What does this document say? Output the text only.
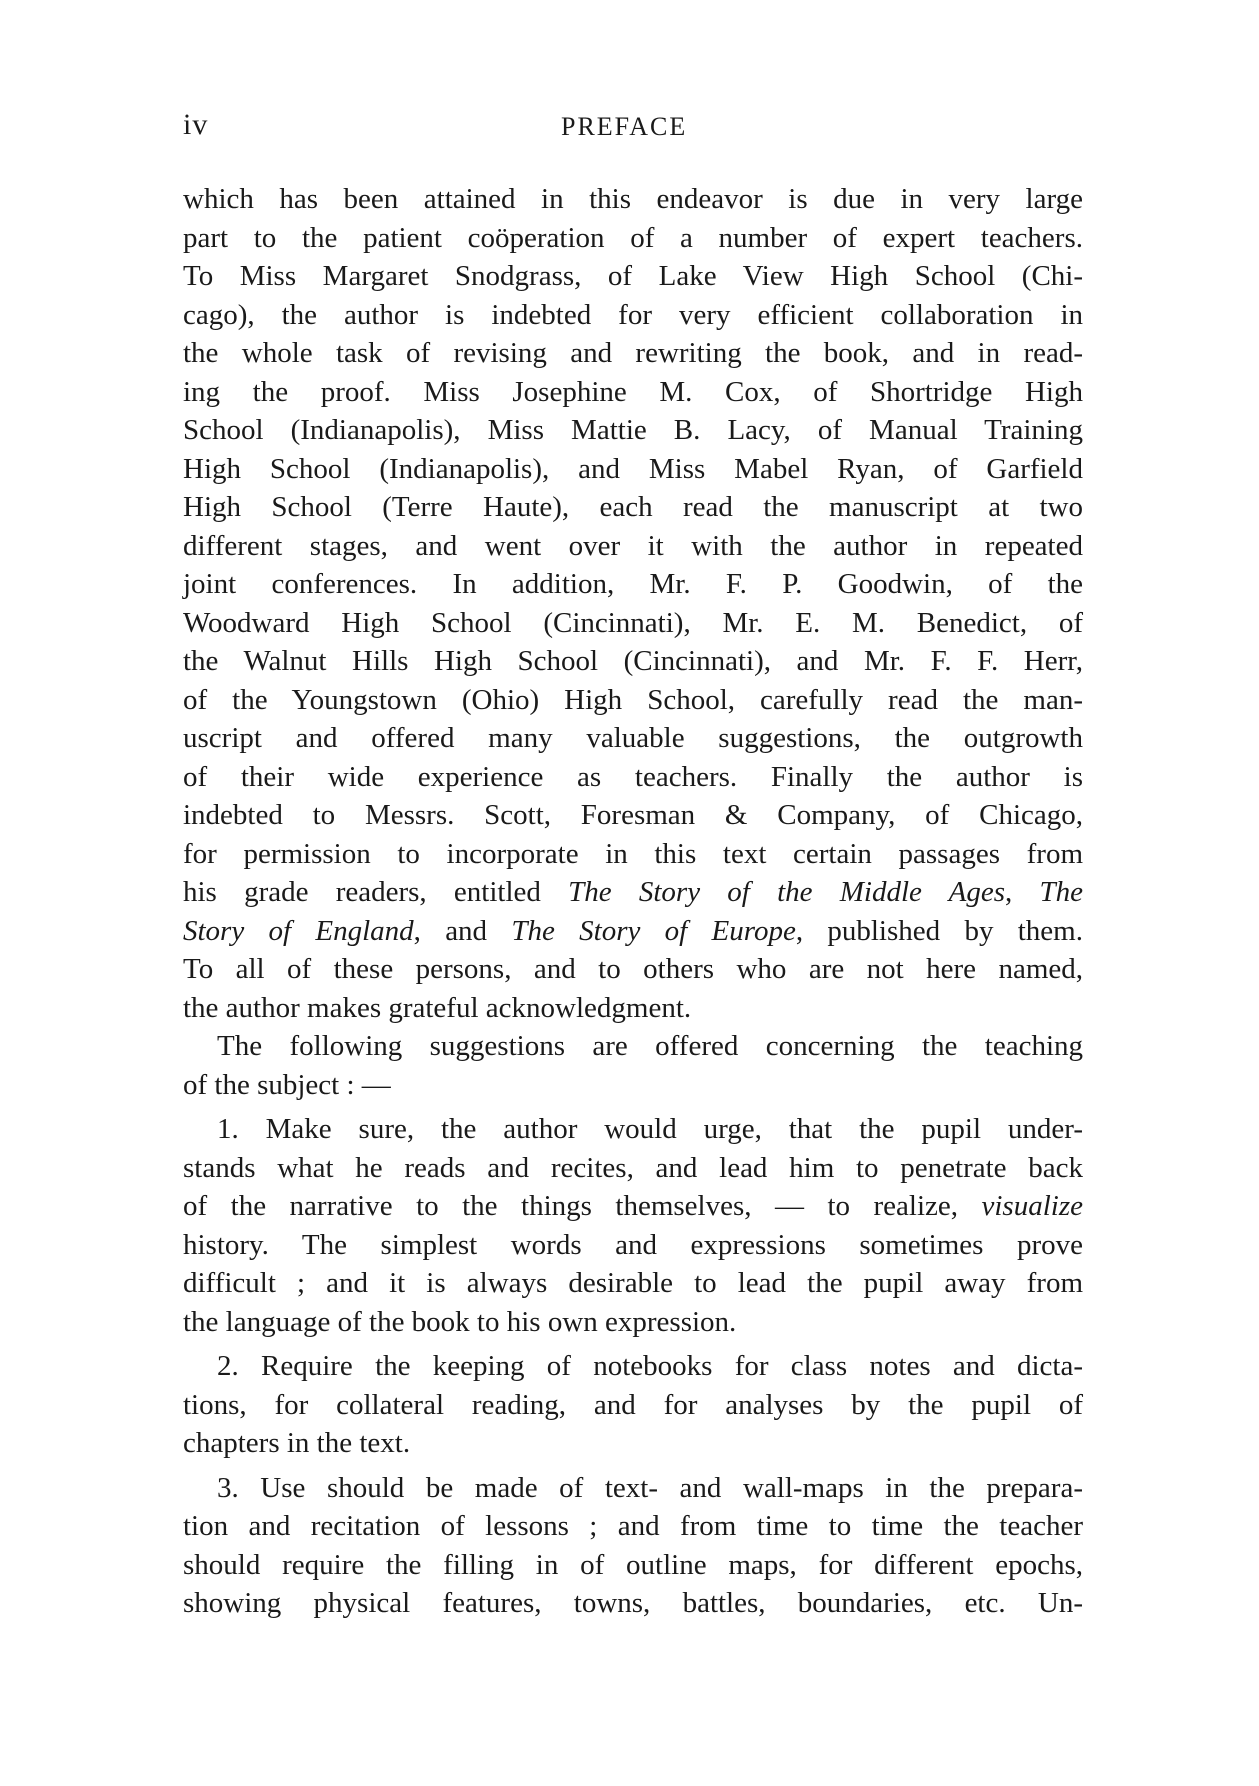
iv	PREFACE
which has been attained in this endeavor is due in very large
part to the patient coöperation of a number of expert teachers.
To Miss Margaret Snodgrass, of Lake View High School (Chi-
cago), the author is indebted for very efficient collaboration in
the whole task of revising and rewriting the book, and in read-
ing the proof. Miss Josephine M. Cox, of Shortridge High
School (Indianapolis), Miss Mattie B. Lacy, of Manual Training
High School (Indianapolis), and Miss Mabel Ryan, of Garfield
High School (Terre Haute), each read the manuscript at two
different stages, and went over it with the author in repeated
joint conferences. In addition, Mr. F. P. Goodwin, of the
Woodward High School (Cincinnati), Mr. E. M. Benedict, of
the Walnut Hills High School (Cincinnati), and Mr. F. F. Herr,
of the Youngstown (Ohio) High School, carefully read the man-
uscript and offered many valuable suggestions, the outgrowth
of their wide experience as teachers. Finally the author is
indebted to Messrs. Scott, Foresman & Company, of Chicago,
for permission to incorporate in this text certain passages from
his grade readers, entitled The Story of the Middle Ages, The
Story of England, and The Story of Europe, published by them.
To all of these persons, and to others who are not here named,
the author makes grateful acknowledgment.
The following suggestions are offered concerning the teaching
of the subject : —
1. Make sure, the author would urge, that the pupil under-
stands what he reads and recites, and lead him to penetrate back
of the narrative to the things themselves, — to realize, visualize
history. The simplest words and expressions sometimes prove
difficult ; and it is always desirable to lead the pupil away from
the language of the book to his own expression.
2. Require the keeping of notebooks for class notes and dicta-
tions, for collateral reading, and for analyses by the pupil of
chapters in the text.
3. Use should be made of text- and wall-maps in the prepara-
tion and recitation of lessons ; and from time to time the teacher
should require the filling in of outline maps, for different epochs,
showing physical features, towns, battles, boundaries, etc. Un-
